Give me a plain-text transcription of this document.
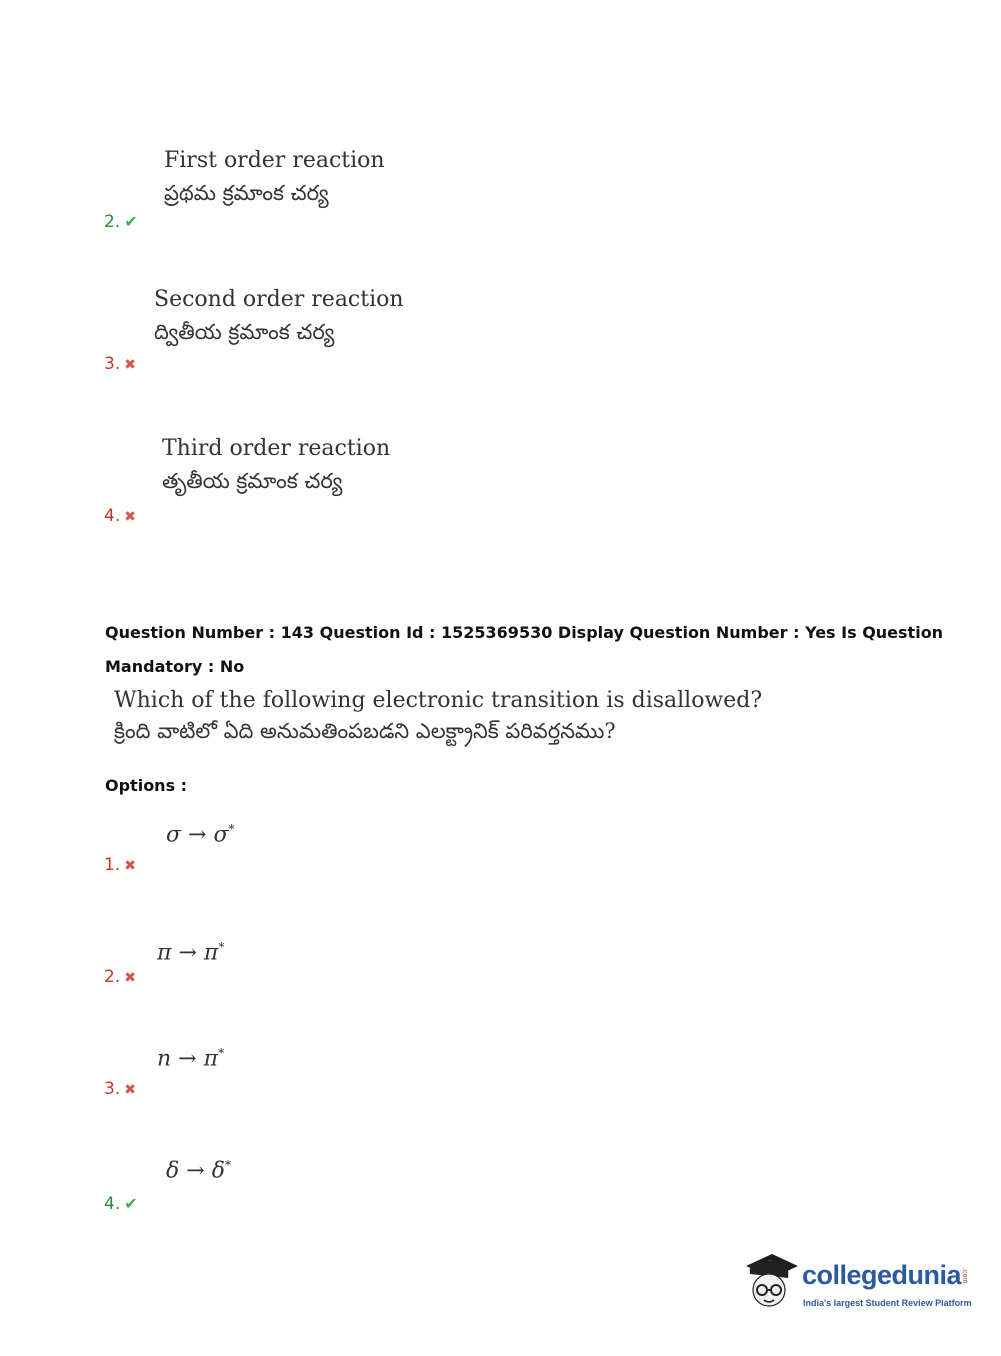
First order reaction
ప్రథమ క్రమాంక చర్య
2. ✔
Second order reaction
ద్వితీయ క్రమాంక చర్య
3. ✖
Third order reaction
తృతీయ క్రమాంక చర్య
4. ✖
Question Number : 143 Question Id : 1525369530 Display Question Number : Yes Is Question
Mandatory : No
Which of the following electronic transition is disallowed?
క్రింది వాటిలో ఏది అనుమతింపబడని ఎలక్ట్రానిక్ పరివర్తనము?
Options :
σ → σ*
1. ✖
π → π*
2. ✖
n → π*
3. ✖
δ → δ*
4. ✔
collegedunia .com
India's largest Student Review Platform
